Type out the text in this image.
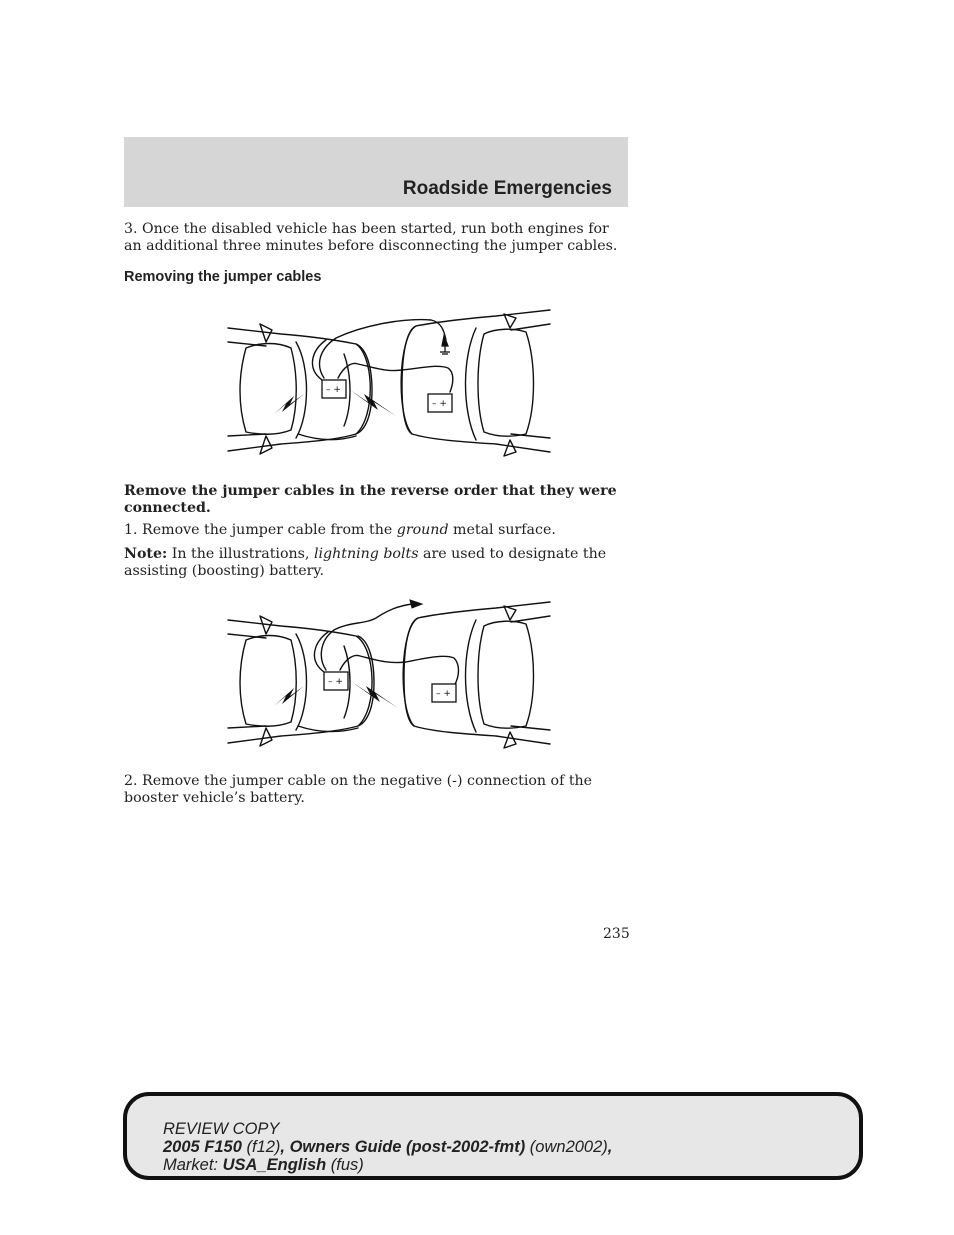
Roadside Emergencies

3. Once the disabled vehicle has been started, run both engines for an additional three minutes before disconnecting the jumper cables.

Removing the jumper cables
– +
– +

Remove the jumper cables in the reverse order that they were connected.

1. Remove the jumper cable from the ground metal surface.

Note: In the illustrations, lightning bolts are used to designate the assisting (boosting) battery.

– +
– +

2. Remove the jumper cable on the negative (-) connection of the booster vehicle’s battery.

235
REVIEW COPY
2005 F150 (f12), Owners Guide (post-2002-fmt) (own2002),
Market: USA_English (fus)
